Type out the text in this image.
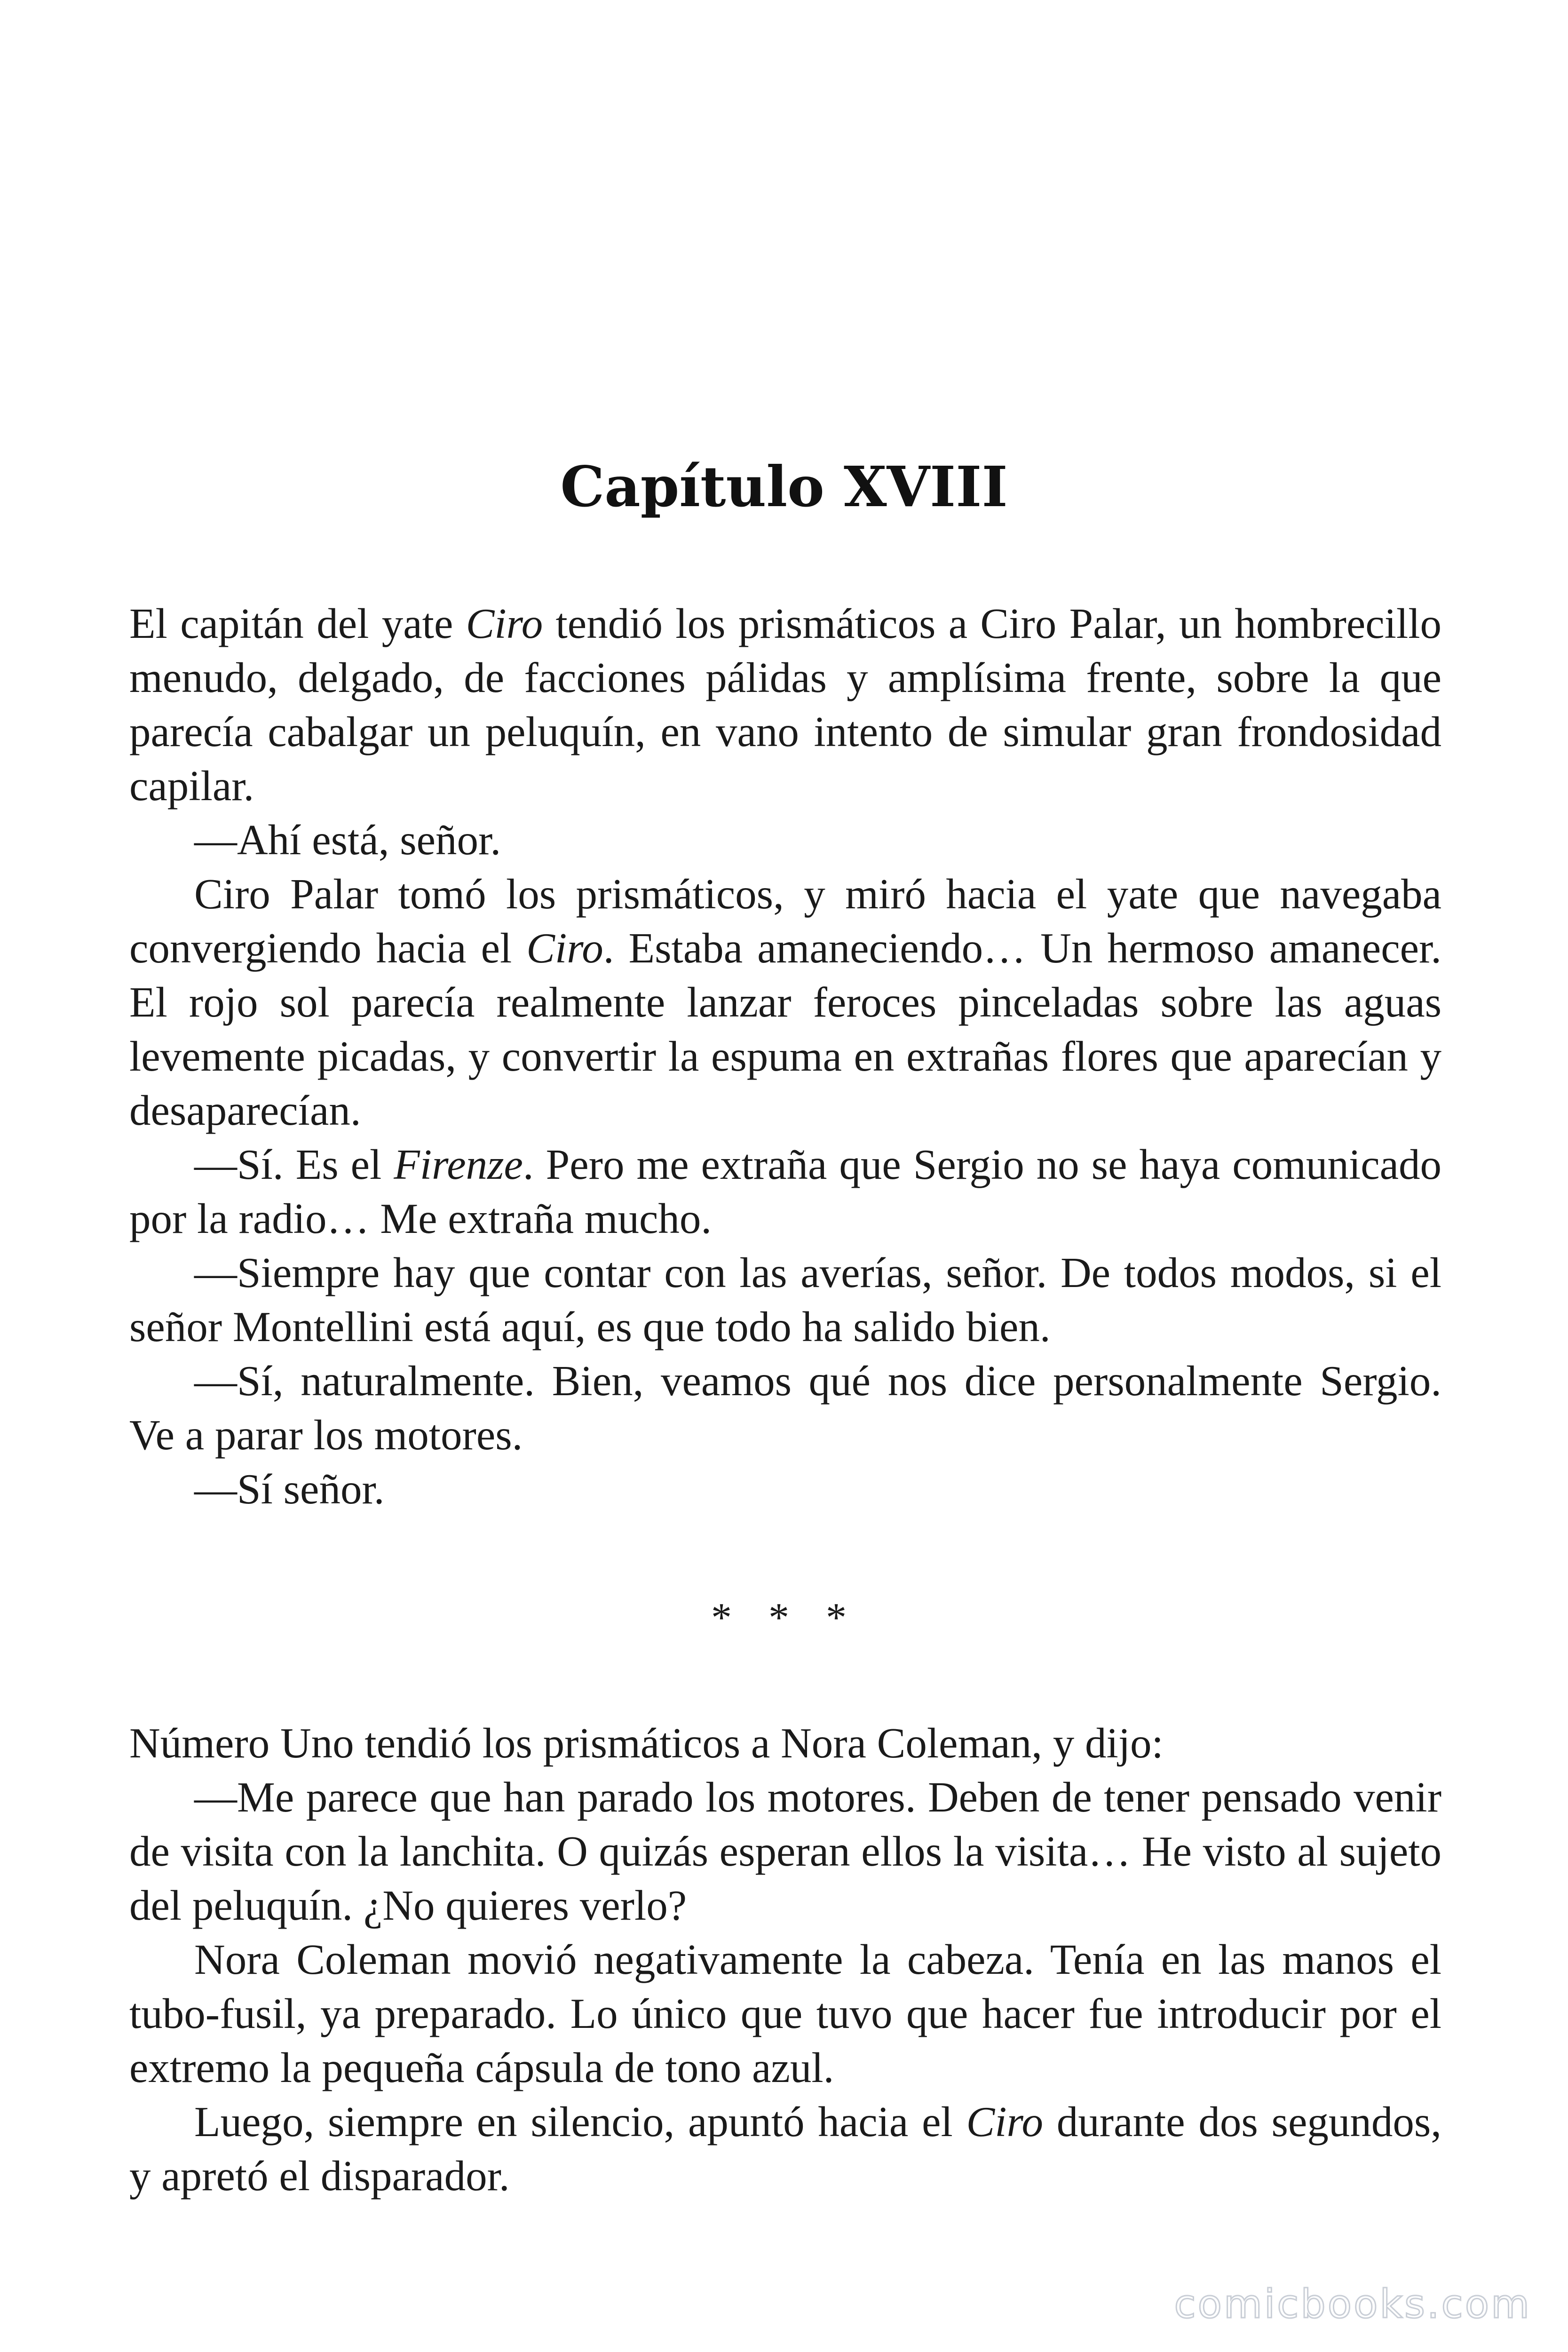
Capítulo XVIII

El capitán del yate Ciro tendió los prismáticos a Ciro Palar, un hombrecillo menudo, delgado, de facciones pálidas y amplísima frente, sobre la que parecía cabalgar un peluquín, en vano intento de simular gran frondosidad capilar.

—Ahí está, señor.

Ciro Palar tomó los prismáticos, y miró hacia el yate que navegaba convergiendo hacia el Ciro. Estaba amaneciendo… Un hermoso amanecer. El rojo sol parecía realmente lanzar feroces pinceladas sobre las aguas levemente picadas, y convertir la espuma en extrañas flores que aparecían y desaparecían.

—Sí. Es el Firenze. Pero me extraña que Sergio no se haya comunicado por la radio… Me extraña mucho.

—Siempre hay que contar con las averías, señor. De todos modos, si el señor Montellini está aquí, es que todo ha salido bien.

—Sí, naturalmente. Bien, veamos qué nos dice personalmente Sergio. Ve a parar los motores.

—Sí señor.

* * *

Número Uno tendió los prismáticos a Nora Coleman, y dijo:

—Me parece que han parado los motores. Deben de tener pensado venir de visita con la lanchita. O quizás esperan ellos la visita… He visto al sujeto del peluquín. ¿No quieres verlo?

Nora Coleman movió negativamente la cabeza. Tenía en las manos el tubo-fusil, ya preparado. Lo único que tuvo que hacer fue introducir por el extremo la pequeña cápsula de tono azul.

Luego, siempre en silencio, apuntó hacia el Ciro durante dos segundos, y apretó el disparador.

comicbooks.com
